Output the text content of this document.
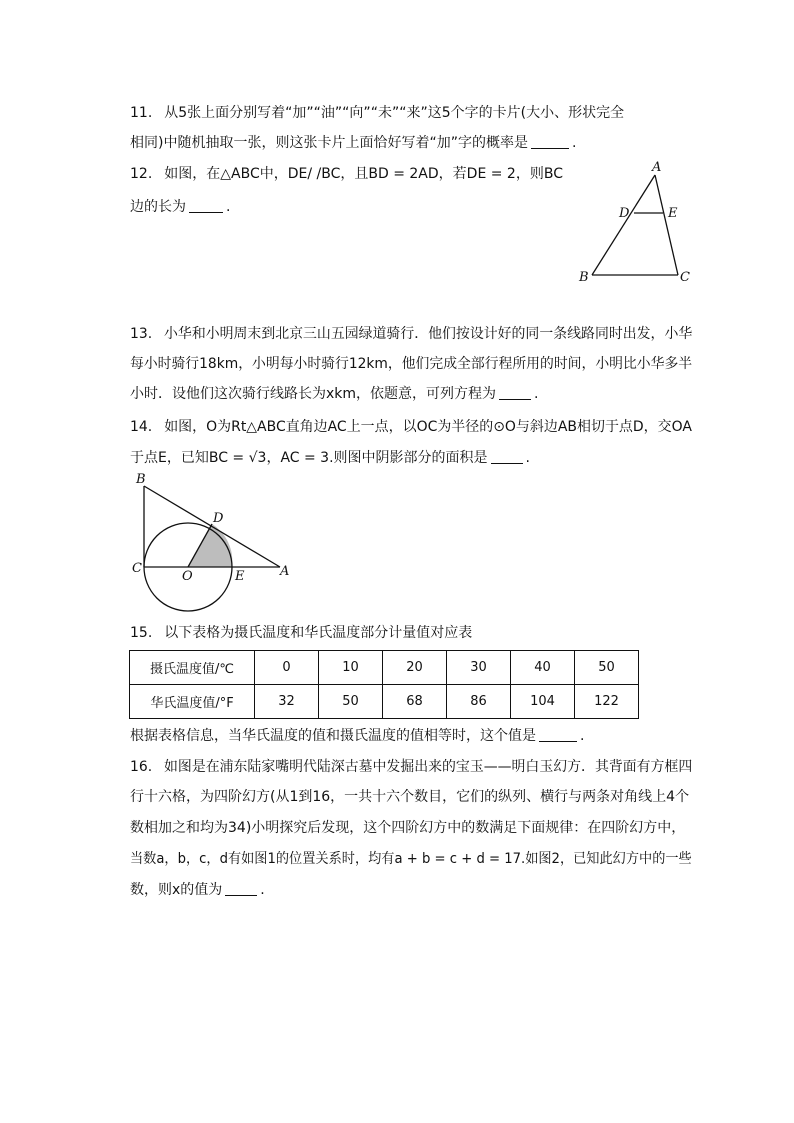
11. 从5张上面分别写着“加”“油”“向”“未”“来”这5个字的卡片(大小、形状完全
相同)中随机抽取一张，则这张卡片上面恰好写着“加”字的概率是	.
12. 如图，在△ABC中，DE/ /BC，且BD = 2AD，若DE = 2，则BC
边的长为	.
A
D	E
B	C
13. 小华和小明周末到北京三山五园绿道骑行．他们按设计好的同一条线路同时出发，小华
每小时骑行18km，小明每小时骑行12km，他们完成全部行程所用的时间，小明比小华多半
小时．设他们这次骑行线路长为xkm，依题意，可列方程为	.
14. 如图，O为Rt△ABC直角边AC上一点，以OC为半径的⊙O与斜边AB相切于点D，交OA
于点E，已知BC = √3，AC = 3.则图中阴影部分的面积是	.
B
D
C
O	E	A
15. 以下表格为摄氏温度和华氏温度部分计量值对应表
摄氏温度值/℃	0	10	20	30	40	50
华氏温度值/°F	32	50	68	86	104	122
根据表格信息，当华氏温度的值和摄氏温度的值相等时，这个值是	.
16. 如图是在浦东陆家嘴明代陆深古墓中发掘出来的宝玉——明白玉幻方．其背面有方框四
行十六格，为四阶幻方(从1到16，一共十六个数目，它们的纵列、横行与两条对角线上4个
数相加之和均为34)小明探究后发现，这个四阶幻方中的数满足下面规律：在四阶幻方中，
当数a，b，c，d有如图1的位置关系时，均有a + b = c + d = 17.如图2，已知此幻方中的一些
数，则x的值为	.
